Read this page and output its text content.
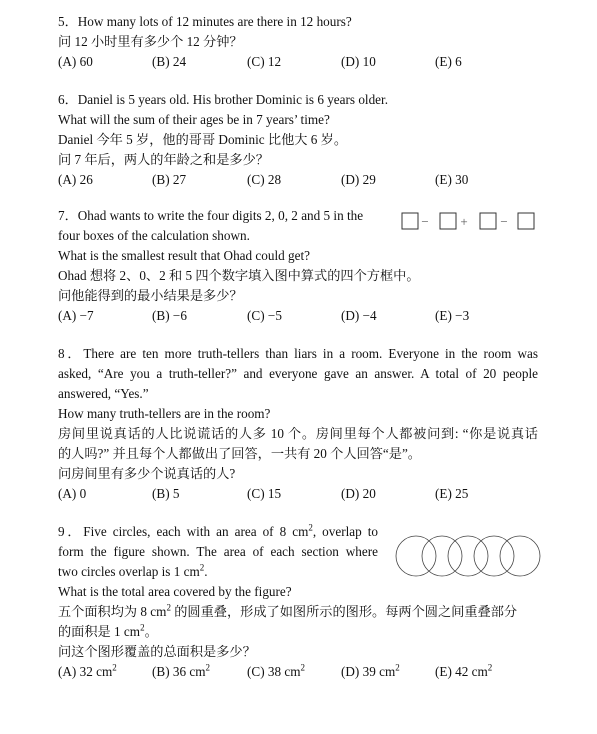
5．How many lots of 12 minutes are there in 12 hours?
问 12 小时里有多少个 12 分钟？
(A) 60	(B) 24	(C) 12	(D) 10	(E) 6
6．Daniel is 5 years old. His brother Dominic is 6 years older.
What will the sum of their ages be in 7 years’ time?
Daniel 今年 5 岁，他的哥哥 Dominic 比他大 6 岁。
问 7 年后，两人的年龄之和是多少？
(A) 26	(B) 27	(C) 28	(D) 29	(E) 30
7．Ohad wants to write the four digits 2, 0, 2 and 5 in the
four boxes of the calculation shown.
What is the smallest result that Ohad could get?
Ohad 想将 2、0、2 和 5 四个数字填入图中算式的四个方框中。
问他能得到的最小结果是多少？
(A) −7	(B) −6	(C) −5	(D) −4	(E) −3
− +	−
8．There are ten more truth-tellers than liars in a room. Everyone in the room was
asked, “Are you a truth-teller?” and everyone gave an answer. A total of 20 people
answered, “Yes.”
How many truth-tellers are in the room?
房间里说真话的人比说谎话的人多 10 个。房间里每个人都被问到: “你是说真话
的人吗?” 并且每个人都做出了回答，一共有 20 个人回答“是”。
问房间里有多少个说真话的人?
(A) 0	(B) 5	(C) 15	(D) 20	(E) 25
9．Five circles, each with an area of 8 $cm^2$, overlap to
form the figure shown. The area of each section where
two circles overlap is 1 $cm^2$.
What is the total area covered by the figure?
五个面积均为 8 $cm^2$ 的圆重叠，形成了如图所示的图形。每两个圆之间重叠部分
的面积是 1 $cm^2$。
问这个图形覆盖的总面积是多少？
(A) 32 $cm^2$	(B) 36 $cm^2$	(C) 38 $cm^2$	(D) 39 $cm^2$	(E) 42 $cm^2$
